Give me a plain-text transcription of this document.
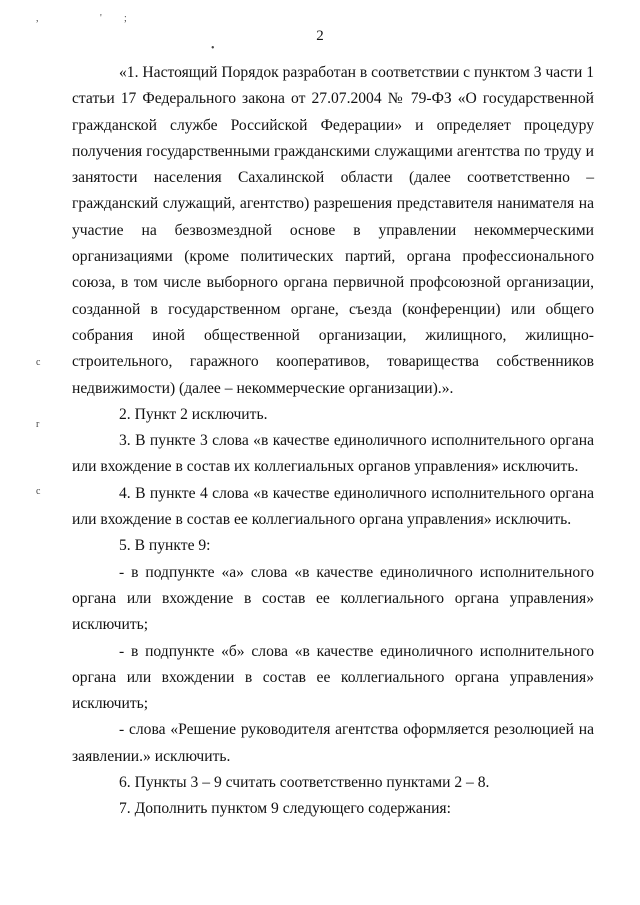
,	' ;
•
c
r
c
2

«1. Настоящий Порядок разработан в соответствии с пунктом 3 части 1 статьи 17 Федерального закона от 27.07.2004 № 79-ФЗ «О государственной гражданской службе Российской Федерации» и определяет процедуру получения государственными гражданскими служащими агентства по труду и занятости населения Сахалинской области (далее соответственно – гражданский служащий, агентство) разрешения представителя нанимателя на участие на безвозмездной основе в управлении некоммерческими организациями (кроме политических партий, органа профессионального союза, в том числе выборного органа первичной профсоюзной организации, созданной в государственном органе, съезда (конференции) или общего собрания иной общественной организации, жилищного, жилищно-строительного, гаражного кооперативов, товарищества собственников недвижимости) (далее – некоммерческие организации).».

2. Пункт 2 исключить.

3. В пункте 3 слова «в качестве единоличного исполнительного органа или вхождение в состав их коллегиальных органов управления» исключить.

4. В пункте 4 слова «в качестве единоличного исполнительного органа или вхождение в состав ее коллегиального органа управления» исключить.

5. В пункте 9:

- в подпункте «а» слова «в качестве единоличного исполнительного органа или вхождение в состав ее коллегиального органа управления» исключить;

- в подпункте «б» слова «в качестве единоличного исполнительного органа или вхождении в состав ее коллегиального органа управления» исключить;

- слова «Решение руководителя агентства оформляется резолюцией на заявлении.» исключить.

6. Пункты 3 – 9 считать соответственно пунктами 2 – 8.

7. Дополнить пунктом 9 следующего содержания:
